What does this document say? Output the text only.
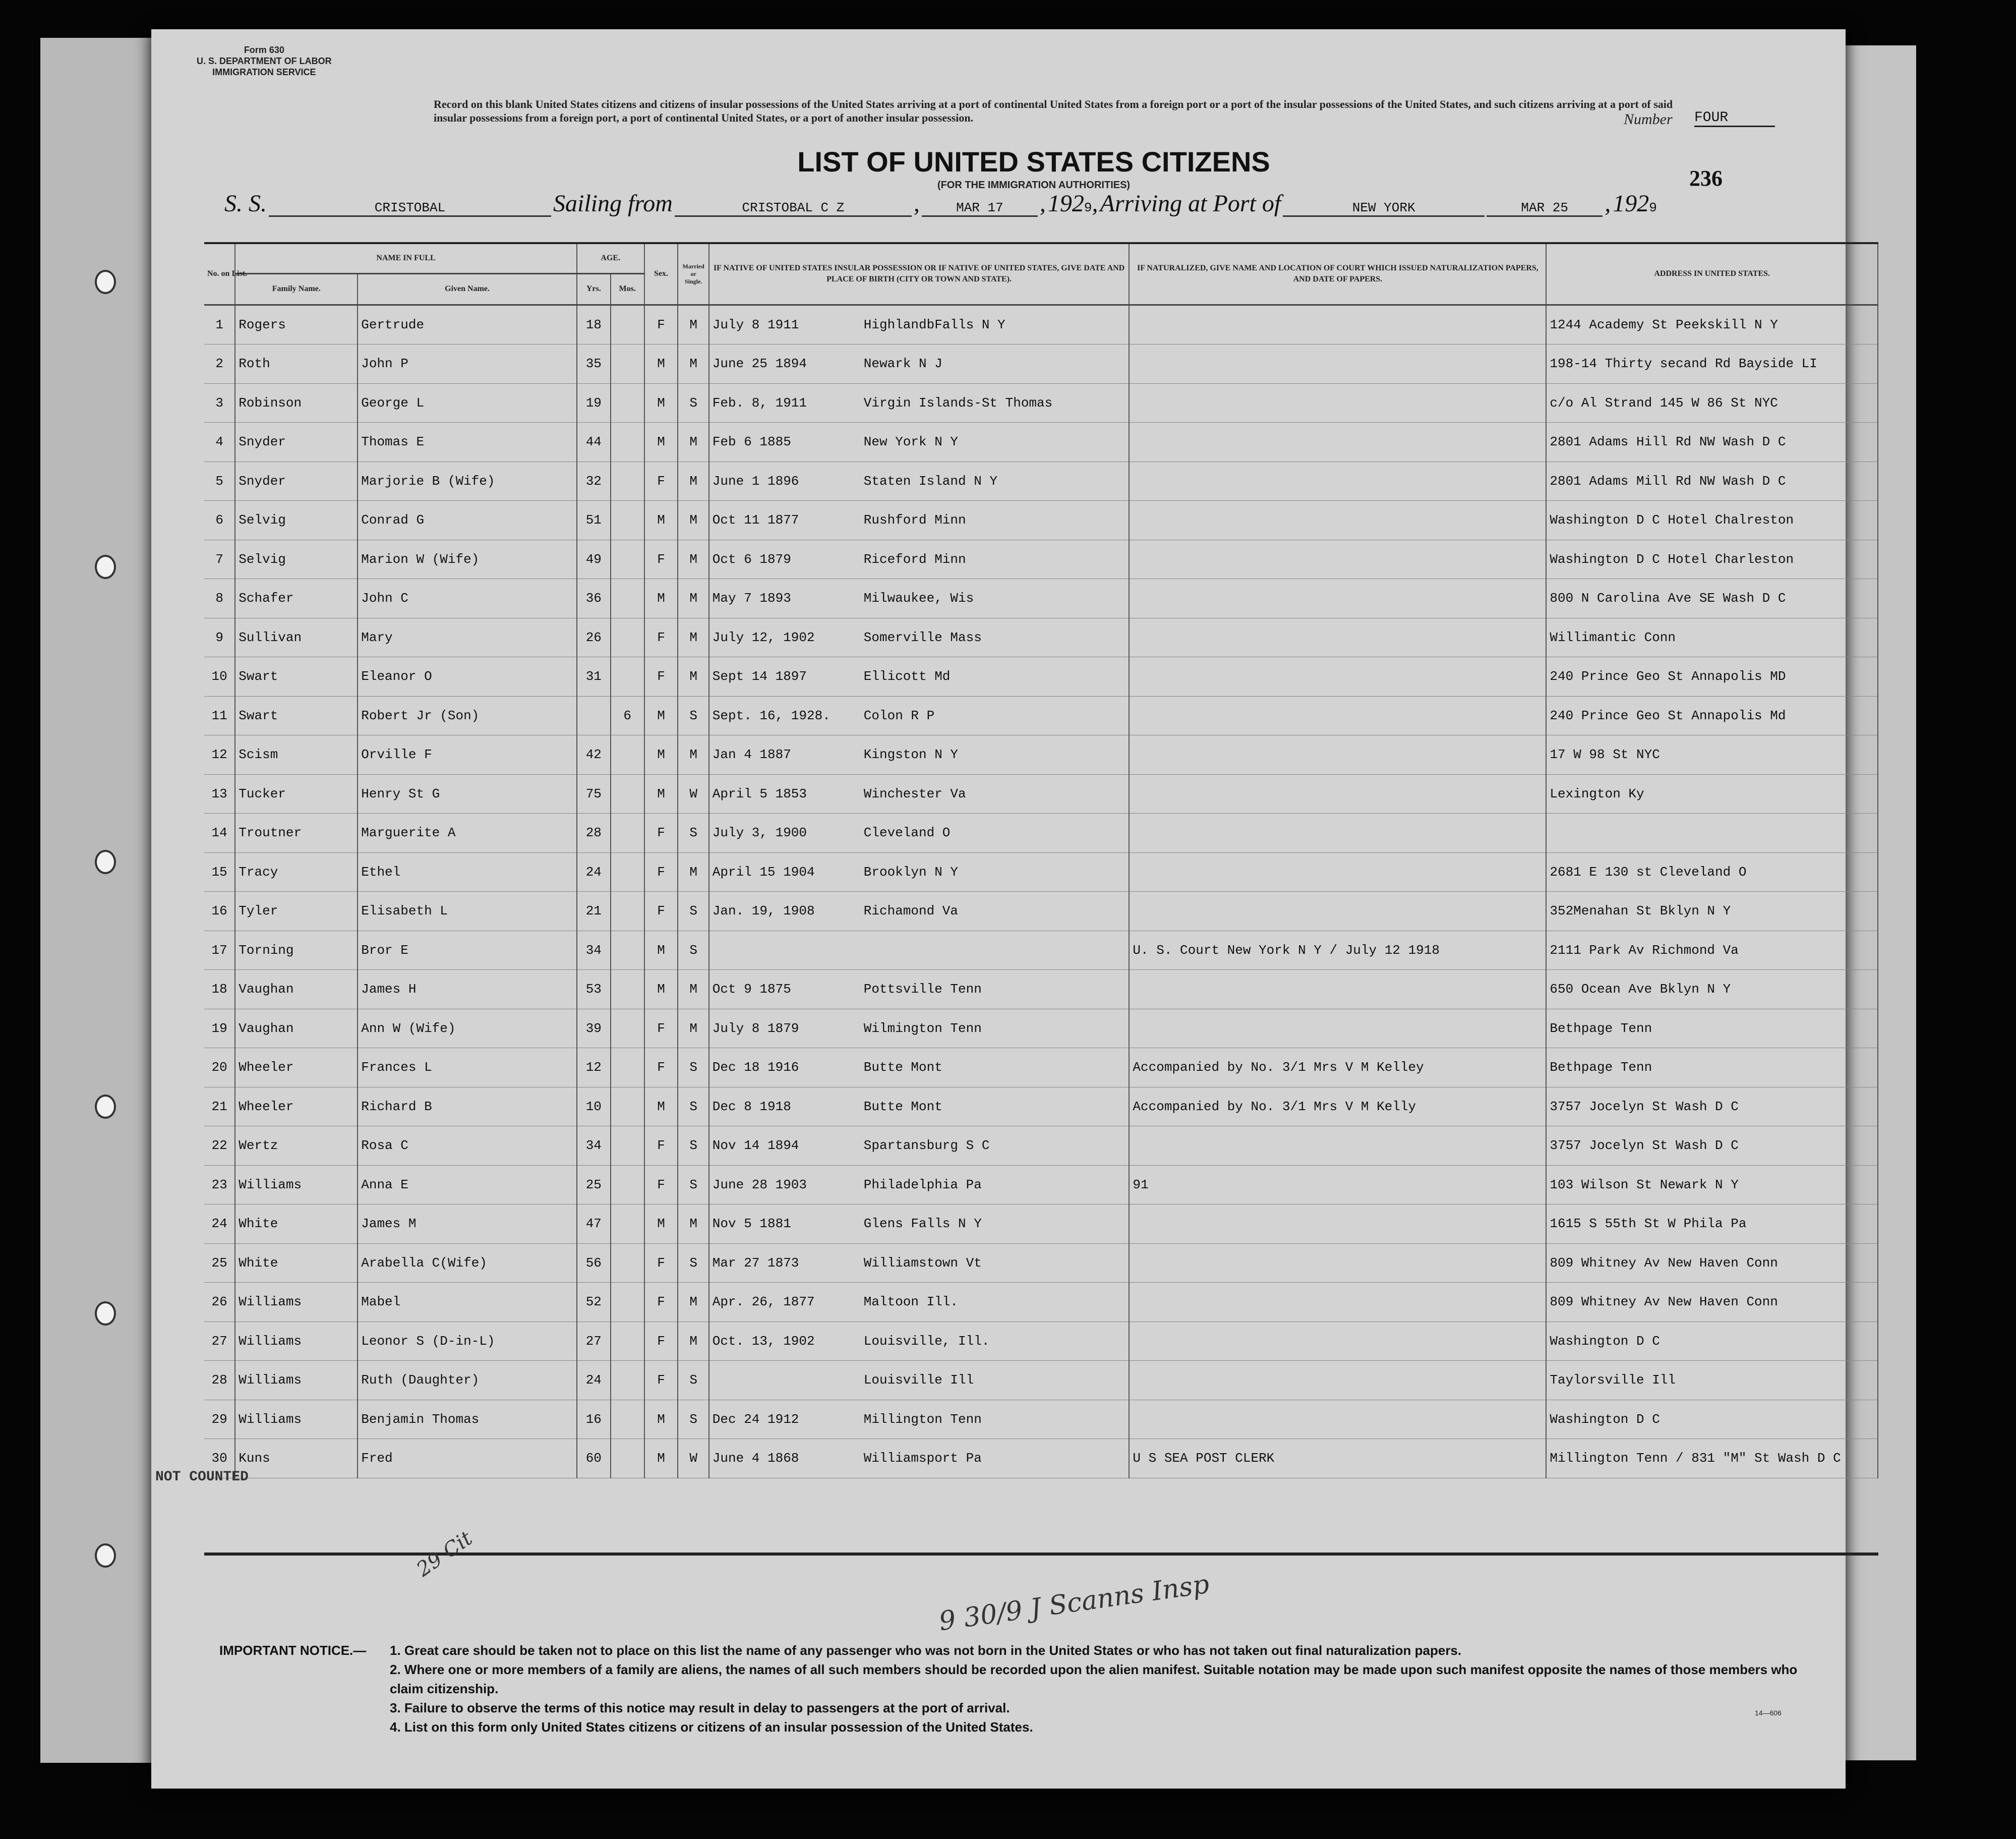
Form 630
U. S. DEPARTMENT OF LABOR
IMMIGRATION SERVICE
Record on this blank United States citizens and citizens of insular possessions of the United States arriving at a port of continental United States from a foreign port or a port of the insular possessions of the United States, and such citizens arriving at a port of said insular possessions from a foreign port, a port of continental United States, or a port of another insular possession.	Number FOUR
LIST OF UNITED STATES CITIZENS
(FOR THE IMMIGRATION AUTHORITIES)	236
S. S.	CRISTOBAL	Sailing from	CRISTOBAL C Z	,	MAR 17 , 1929, Arriving at Port of	NEW YORK	MAR 25 , 1929
No. on List.	NAME IN FULL		AGE.		Sex.	Married or Single.	IF NATIVE OF UNITED STATES INSULAR POSSESSION OR IF NATIVE OF UNITED STATES, GIVE DATE AND PLACE OF BIRTH (CITY OR TOWN AND STATE).	IF NATURALIZED, GIVE NAME AND LOCATION OF COURT WHICH ISSUED NATURALIZATION PAPERS, AND DATE OF PAPERS.	ADDRESS IN UNITED STATES.
	Family Name.	Given Name.	Yrs.	Mos.					
1	Rogers	Gertrude	18		F	M	July 8 1911 HighlandbFalls N Y		1244 Academy St Peekskill N Y
2	Roth	John P	35		M	M	June 25 1894 Newark N J		198-14 Thirty secand Rd Bayside LI
3	Robinson	George L	19		M	S	Feb. 8, 1911 Virgin Islands-St Thomas		c/o Al Strand 145 W 86 St NYC
4	Snyder	Thomas E	44		M	M	Feb 6 1885 New York N Y		2801 Adams Hill Rd NW Wash D C
5	Snyder	Marjorie B (Wife)	32		F	M	June 1 1896 Staten Island N Y		2801 Adams Mill Rd NW Wash D C
6	Selvig	Conrad G	51		M	M	Oct 11 1877 Rushford Minn		Washington D C Hotel Chalreston
7	Selvig	Marion W (Wife)	49		F	M	Oct 6 1879 Riceford Minn		Washington D C Hotel Charleston
8	Schafer	John C	36		M	M	May 7 1893 Milwaukee, Wis		800 N Carolina Ave SE Wash D C
9	Sullivan	Mary	26		F	M	July 12, 1902 Somerville Mass		Willimantic Conn
10	Swart	Eleanor O	31		F	M	Sept 14 1897 Ellicott Md		240 Prince Geo St Annapolis MD
11	Swart	Robert Jr (Son)		6	M	S	Sept. 16, 1928. Colon R P		240 Prince Geo St Annapolis Md
12	Scism	Orville F	42		M	M	Jan 4 1887 Kingston N Y		17 W 98 St NYC
13	Tucker	Henry St G	75		M	W	April 5 1853 Winchester Va		Lexington Ky
14	Troutner	Marguerite A	28		F	S	July 3, 1900 Cleveland O		
15	Tracy	Ethel	24		F	M	April 15 1904 Brooklyn N Y		2681 E 130 st Cleveland O
16	Tyler	Elisabeth L	21		F	S	Jan. 19, 1908 Richamond Va		352Menahan St Bklyn N Y
17	Torning	Bror E	34		M	S		U. S. Court New York N Y / July 12 1918	2111 Park Av Richmond Va
18	Vaughan	James H	53		M	M	Oct 9 1875 Pottsville Tenn		650 Ocean Ave Bklyn N Y
19	Vaughan	Ann W (Wife)	39		F	M	July 8 1879 Wilmington Tenn		Bethpage Tenn
20	Wheeler	Frances L	12		F	S	Dec 18 1916 Butte Mont	Accompanied by No. 3/1 Mrs V M Kelley	Bethpage Tenn
21	Wheeler	Richard B	10		M	S	Dec 8 1918 Butte Mont	Accompanied by No. 3/1 Mrs V M Kelly	3757 Jocelyn St Wash D C
22	Wertz	Rosa C	34		F	S	Nov 14 1894 Spartansburg S C		3757 Jocelyn St Wash D C
23	Williams	Anna E	25		F	S	June 28 1903 Philadelphia Pa	91	103 Wilson St Newark N Y
24	White	James M	47		M	M	Nov 5 1881 Glens Falls N Y		1615 S 55th St W Phila Pa
25	White	Arabella C(Wife)	56		F	S	Mar 27 1873 Williamstown Vt		809 Whitney Av New Haven Conn
26	Williams	Mabel	52		F	M	Apr. 26, 1877 Maltoon Ill.		809 Whitney Av New Haven Conn
27	Williams	Leonor S (D-in-L)	27		F	M	Oct. 13, 1902 Louisville, Ill.		Washington D C
28	Williams	Ruth (Daughter)	24		F	S	Louisville Ill		Taylorsville Ill
29	Williams	Benjamin Thomas	16		M	S	Dec 24 1912 Millington Tenn		Washington D C
30	Kuns	Fred	60		M	W	June 4 1868 Williamsport Pa	U S SEA POST CLERK	Millington Tenn / 831 "M" St Wash D C
NOT COUNTED
9 30/9 J Scanns Insp
29 Cit
IMPORTANT NOTICE.— 1. Great care should be taken not to place on this list the name of any passenger who was not born in the United States or who has not taken out final naturalization papers.
2. Where one or more members of a family are aliens, the names of all such members should be recorded upon the alien manifest. Suitable notation may be made upon such manifest opposite the names of those members who claim citizenship.
3. Failure to observe the terms of this notice may result in delay to passengers at the port of arrival.
4. List on this form only United States citizens or citizens of an insular possession of the United States.
14—606
